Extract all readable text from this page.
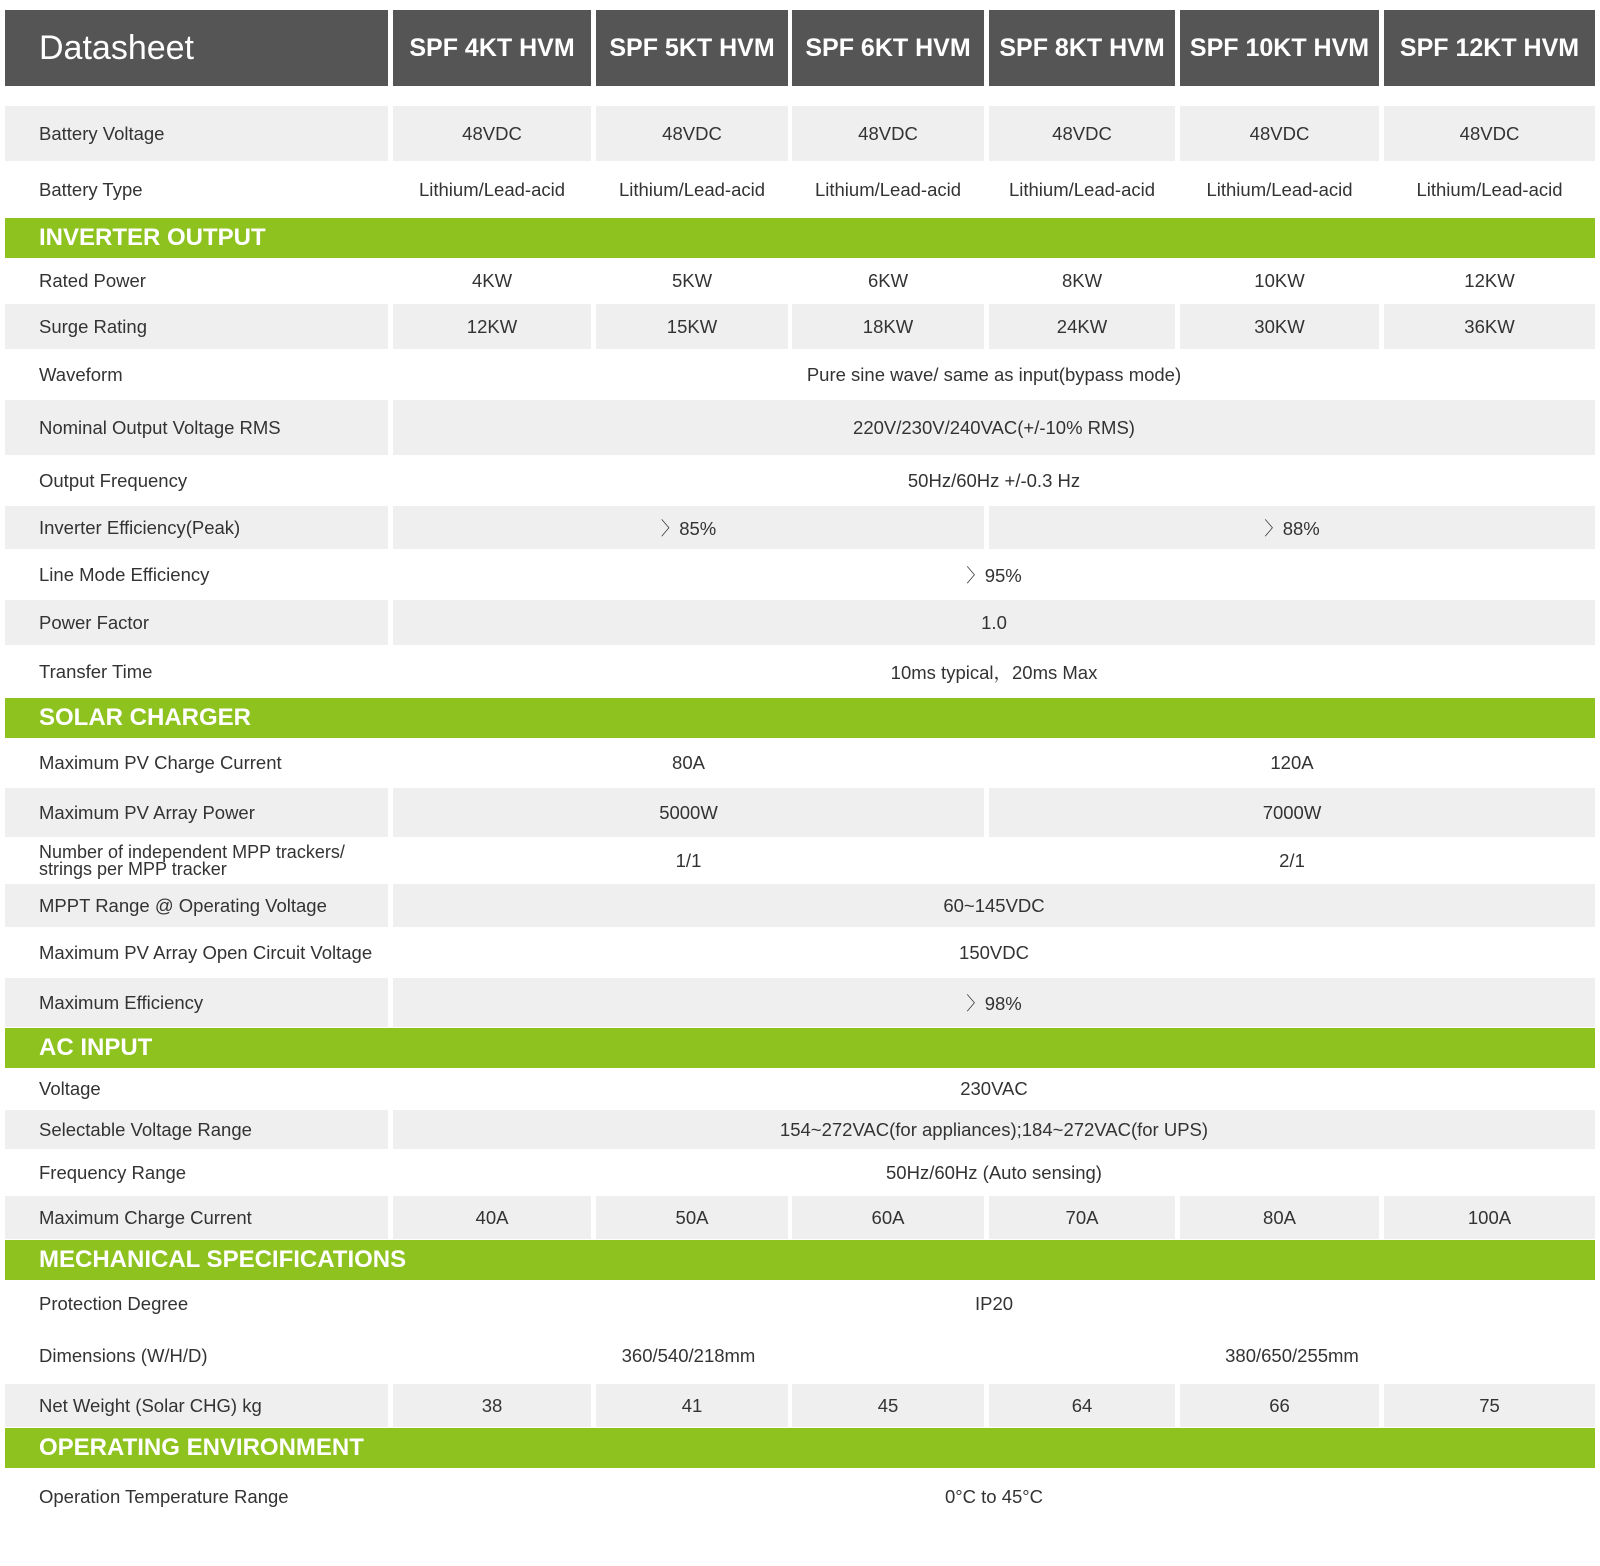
Datasheet	SPF 4KT HVM	SPF 5KT HVM	SPF 6KT HVM	SPF 8KT HVM	SPF 10KT HVM	SPF 12KT HVM
Battery Voltage	48VDC	48VDC	48VDC	48VDC	48VDC	48VDC
Battery Type	Lithium/Lead-acid	Lithium/Lead-acid	Lithium/Lead-acid	Lithium/Lead-acid	Lithium/Lead-acid	Lithium/Lead-acid
INVERTER OUTPUT
Rated Power	4KW	5KW	6KW	8KW	10KW	12KW
Surge Rating	12KW	15KW	18KW	24KW	30KW	36KW
Waveform	Pure sine wave/ same as input(bypass mode)
Nominal Output Voltage RMS	220V/230V/240VAC(+/-10% RMS)
Output Frequency	50Hz/60Hz +/-0.3 Hz
Inverter Efficiency(Peak)	〉85%	〉88%
Line Mode Efficiency	〉95%
Power Factor	1.0
Transfer Time	10ms typical，20ms Max
SOLAR CHARGER
Maximum PV Charge Current	80A	120A
Maximum PV Array Power	5000W	7000W
Number of independent MPP trackers/ strings per MPP tracker	1/1	2/1
MPPT Range @ Operating Voltage	60~145VDC
Maximum PV Array Open Circuit Voltage	150VDC
Maximum Efficiency	〉98%
AC INPUT
Voltage	230VAC
Selectable Voltage Range	154~272VAC(for appliances);184~272VAC(for UPS)
Frequency Range	50Hz/60Hz (Auto sensing)
Maximum Charge Current	40A	50A	60A	70A	80A	100A
MECHANICAL SPECIFICATIONS
Protection Degree	IP20
Dimensions (W/H/D)	360/540/218mm	380/650/255mm
Net Weight (Solar CHG) kg	38	41	45	64	66	75
OPERATING ENVIRONMENT
Operation Temperature Range	0°C to 45°C
